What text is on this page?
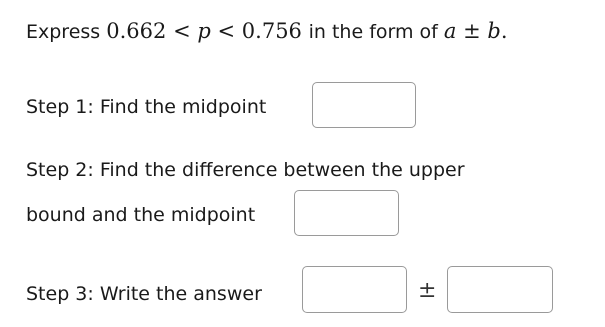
Express 0.662 < p < 0.756 in the form of a ± b.
Step 1: Find the midpoint
Step 2: Find the difference between the upper
bound and the midpoint
Step 3: Write the answer	±
